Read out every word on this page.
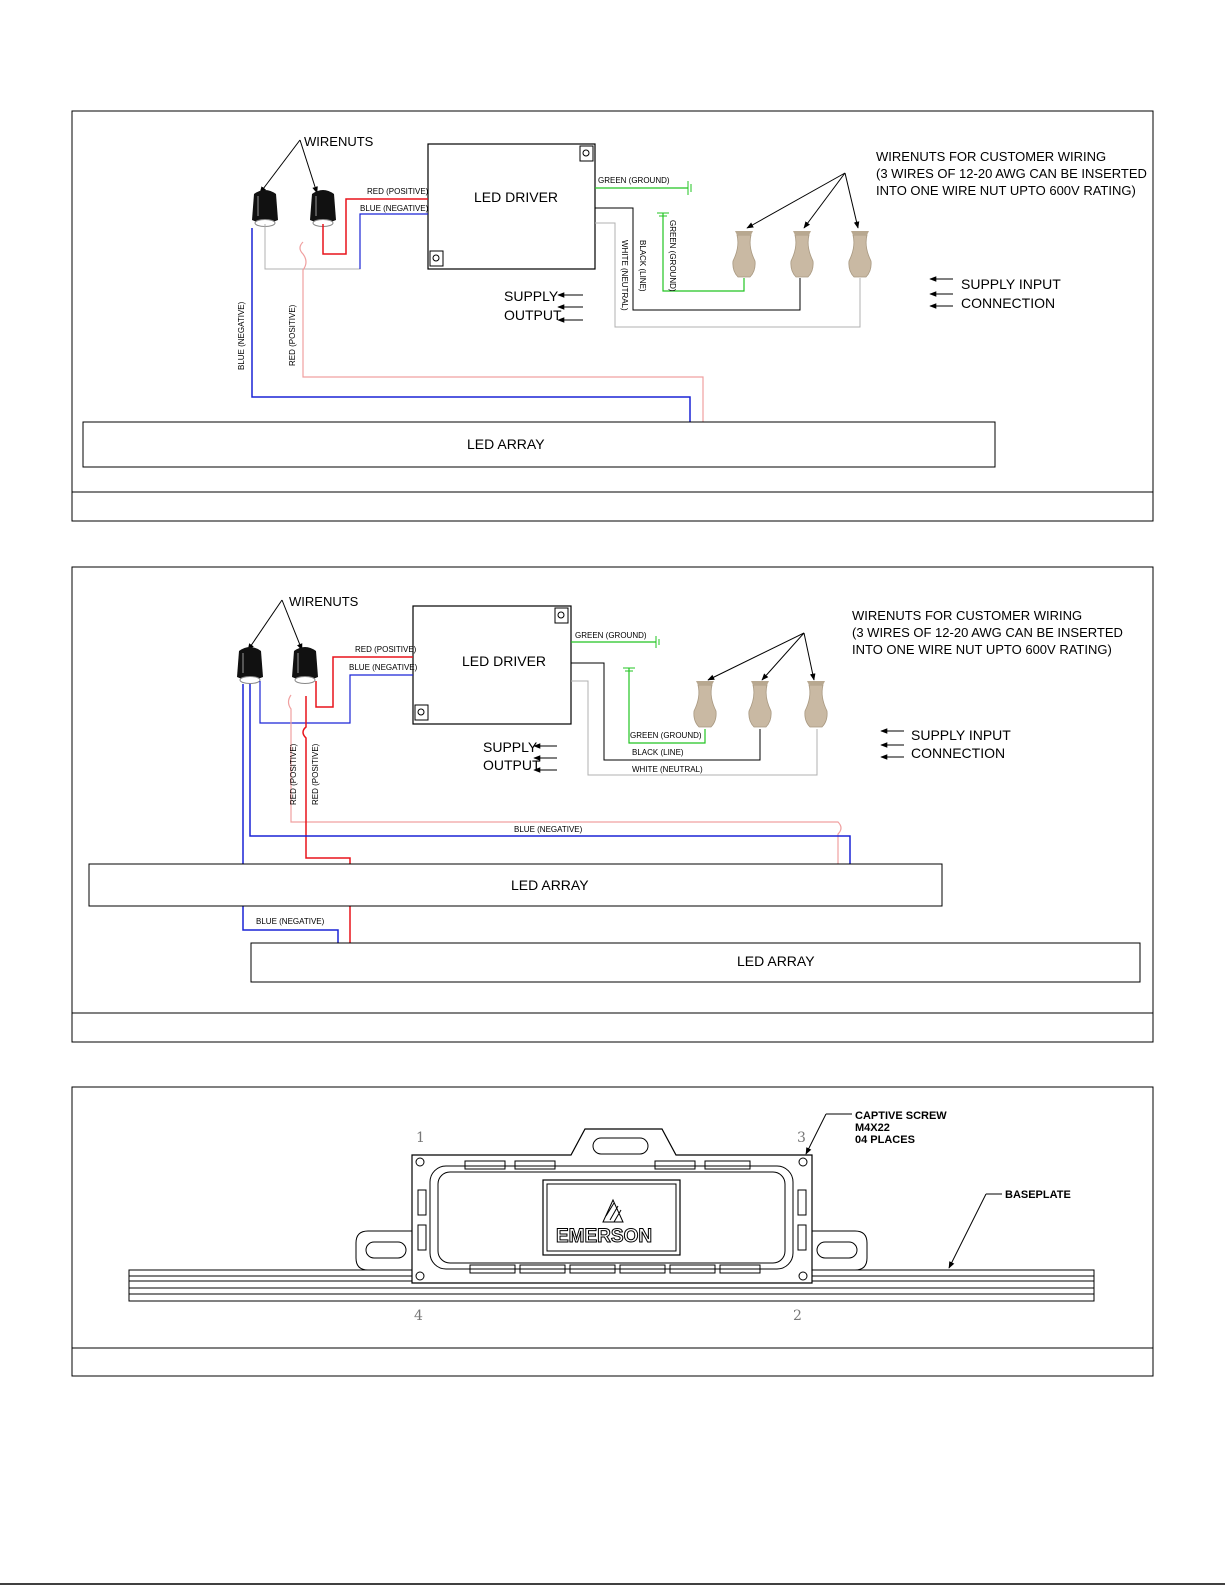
LED DRIVER
WIRENUTS
RED (POSITIVE)
BLUE (NEGATIVE)
BLUE (NEGATIVE)	RED (POSITIVE)
GREEN (GROUND)
BLACK (LINE)
WHITE (NEUTRAL)	GREEN (GROUND)
WIRENUTS FOR CUSTOMER WIRING
(3 WIRES OF 12-20 AWG CAN BE INSERTED
INTO ONE WIRE NUT UPTO 600V RATING)
SUPPLY
OUTPUT
SUPPLY INPUT
CONNECTION
LED ARRAY
LED DRIVER
WIRENUTS
RED (POSITIVE)
BLUE (NEGATIVE)
RED (POSITIVE) RED (POSITIVE)
BLUE (NEGATIVE)
BLUE (NEGATIVE)
GREEN (GROUND)
GREEN (GROUND)
BLACK (LINE)
WHITE (NEUTRAL)
WIRENUTS FOR CUSTOMER WIRING
(3 WIRES OF 12-20 AWG CAN BE INSERTED
INTO ONE WIRE NUT UPTO 600V RATING)
SUPPLY
OUTPUT
SUPPLY INPUT
CONNECTION
LED ARRAY
LED ARRAY
EMERSON
1	3
4	2
CAPTIVE SCREW
M4X22
04 PLACES
BASEPLATE
